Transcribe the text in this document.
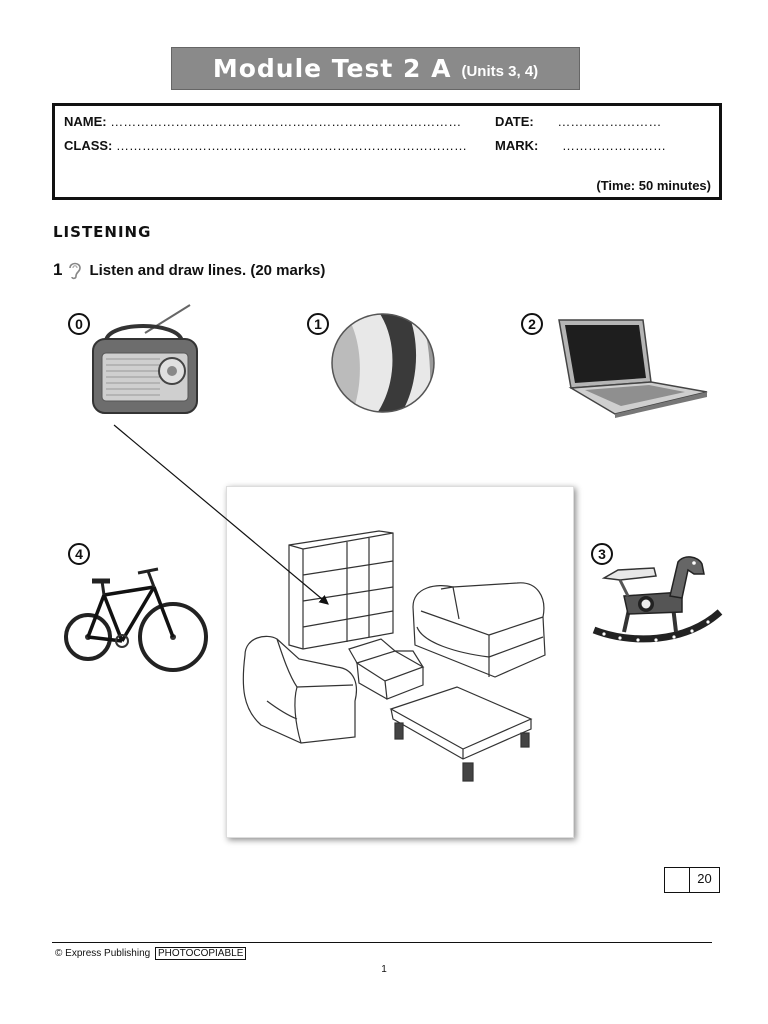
Module Test 2 A (Units 3, 4)
NAME: ………………………………………………………………………
CLASS: ………………………………………………………………………
DATE: ……………………
MARK: ……………………
(Time: 50 minutes)
LISTENING
1 Listen and draw lines. (20 marks)
0	1	2
4	3
20
© Express Publishing PHOTOCOPIABLE
1
